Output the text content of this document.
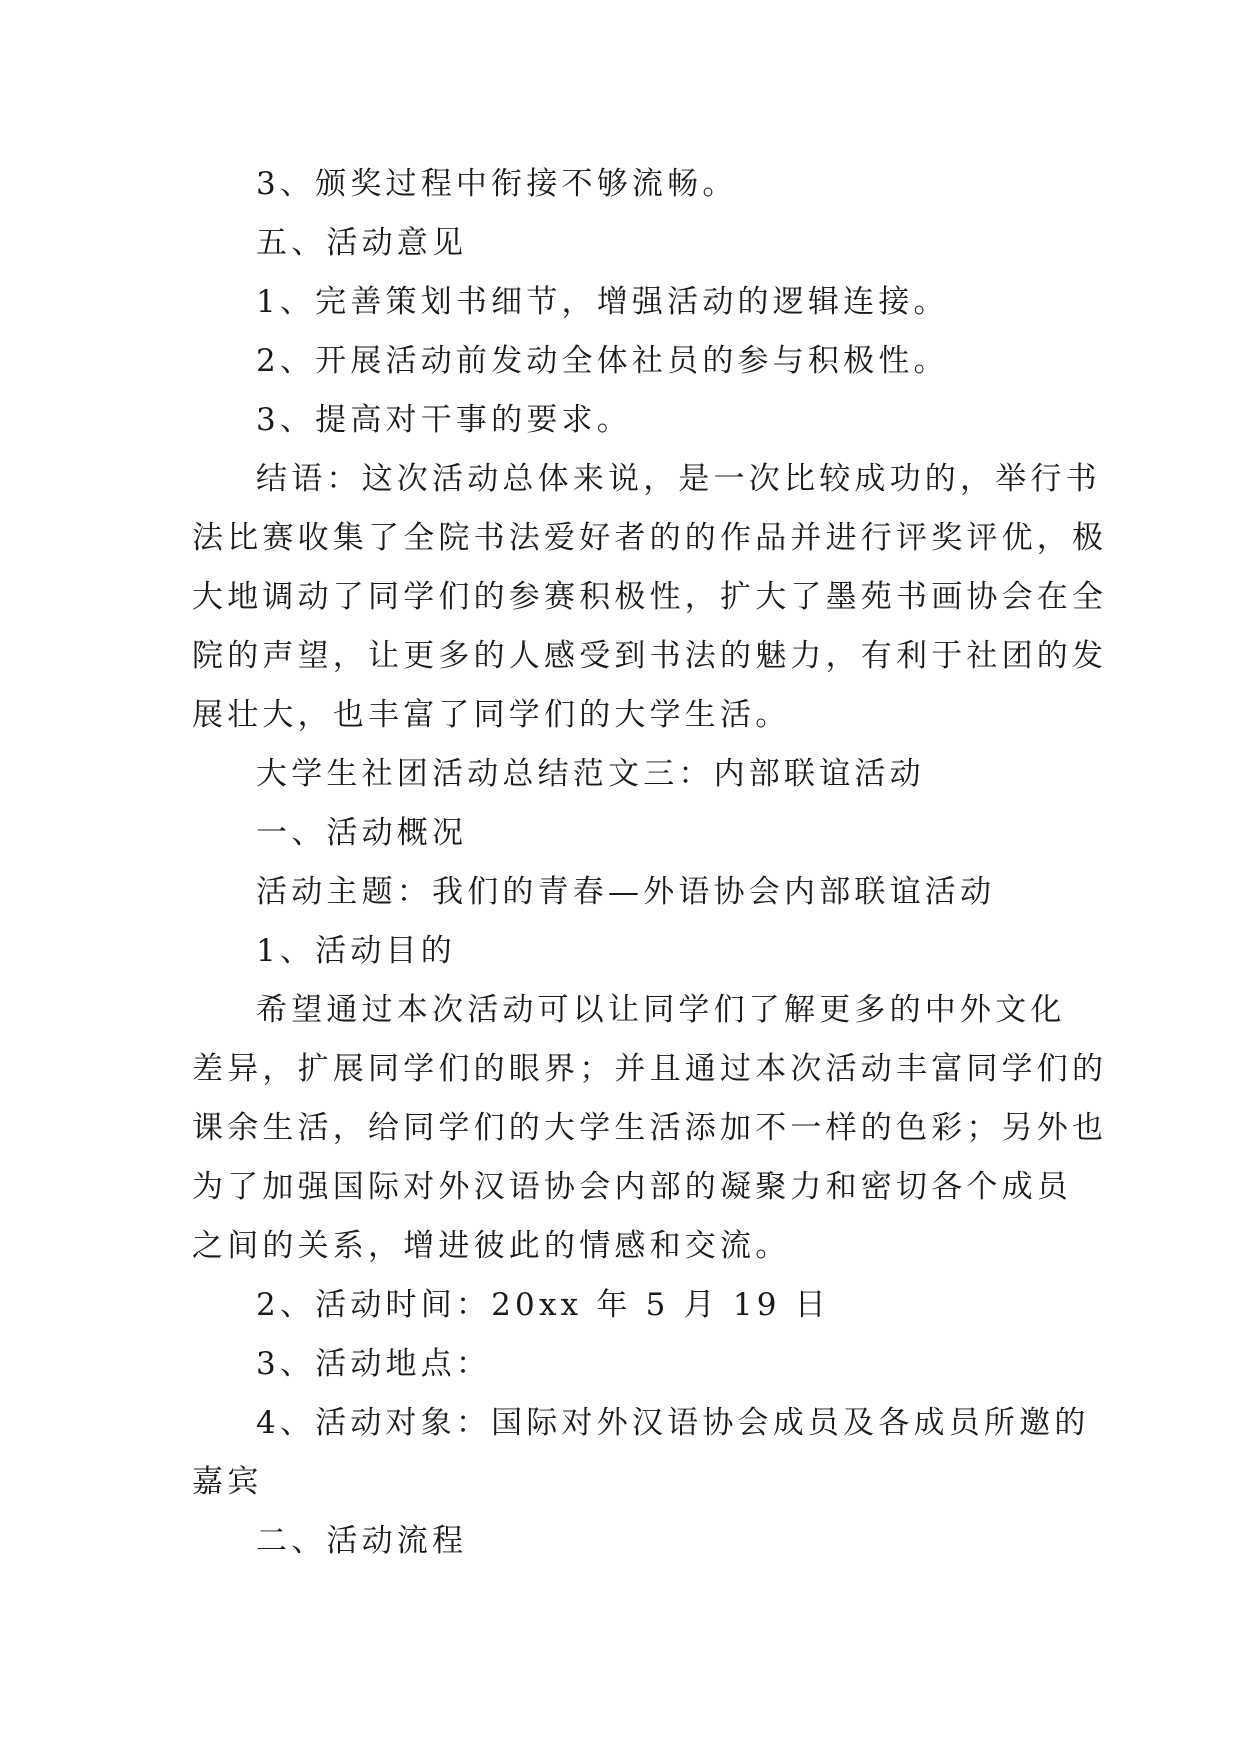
3、颁奖过程中衔接不够流畅。

五、活动意见

1、完善策划书细节，增强活动的逻辑连接。

2、开展活动前发动全体社员的参与积极性。

3、提高对干事的要求。

结语：这次活动总体来说，是一次比较成功的，举行书
法比赛收集了全院书法爱好者的的作品并进行评奖评优，极
大地调动了同学们的参赛积极性，扩大了墨苑书画协会在全
院的声望，让更多的人感受到书法的魅力，有利于社团的发
展壮大，也丰富了同学们的大学生活。

大学生社团活动总结范文三：内部联谊活动

一、活动概况

活动主题：我们的青春—外语协会内部联谊活动

1、活动目的

希望通过本次活动可以让同学们了解更多的中外文化
差异，扩展同学们的眼界；并且通过本次活动丰富同学们的
课余生活，给同学们的大学生活添加不一样的色彩；另外也
为了加强国际对外汉语协会内部的凝聚力和密切各个成员
之间的关系，增进彼此的情感和交流。

2、活动时间：20xx 年 5 月 19 日

3、活动地点：

4、活动对象：国际对外汉语协会成员及各成员所邀的
嘉宾

二、活动流程
